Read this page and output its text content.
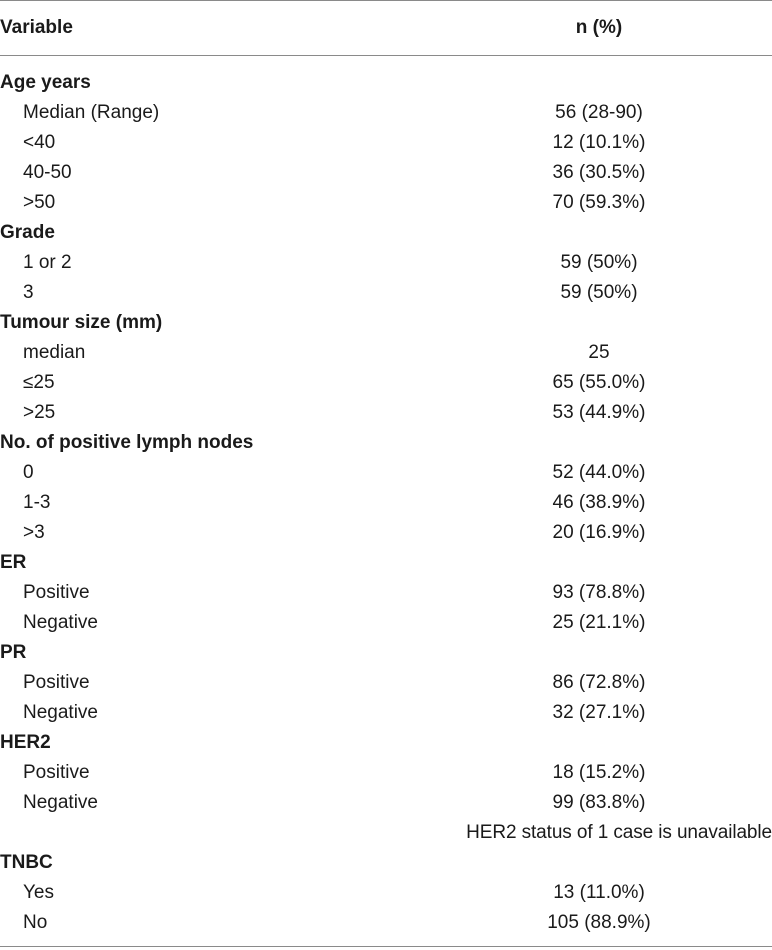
Variable	n (%)
Age years
Median (Range)	56 (28-90)
<40	12 (10.1%)
40-50	36 (30.5%)
>50	70 (59.3%)
Grade
1 or 2	59 (50%)
3	59 (50%)
Tumour size (mm)
median	25
≤25	65 (55.0%)
>25	53 (44.9%)
No. of positive lymph nodes
0	52 (44.0%)
1-3	46 (38.9%)
>3	20 (16.9%)
ER
Positive	93 (78.8%)
Negative	25 (21.1%)
PR
Positive	86 (72.8%)
Negative	32 (27.1%)
HER2
Positive	18 (15.2%)
Negative	99 (83.8%)
HER2 status of 1 case is unavailable
TNBC
Yes	13 (11.0%)
No	105 (88.9%)
